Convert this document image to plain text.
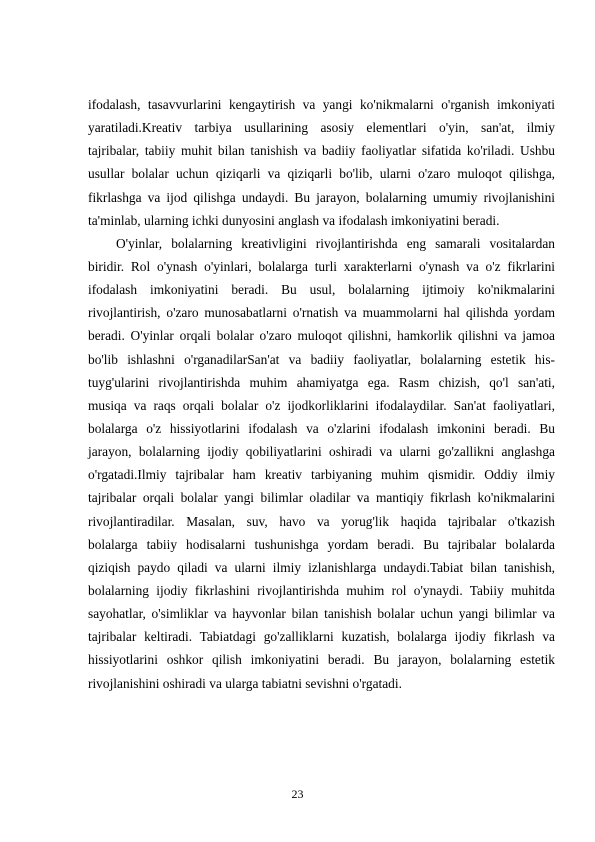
ifodalash, tasavvurlarini kengaytirish va yangi ko'nikmalarni o'rganish imkoniyati
yaratiladi.Kreativ tarbiya usullarining asosiy elementlari o'yin, san'at, ilmiy
tajribalar, tabiiy muhit bilan tanishish va badiiy faoliyatlar sifatida ko'riladi. Ushbu
usullar bolalar uchun qiziqarli va qiziqarli bo'lib, ularni o'zaro muloqot qilishga,
fikrlashga va ijod qilishga undaydi. Bu jarayon, bolalarning umumiy rivojlanishini
ta'minlab, ularning ichki dunyosini anglash va ifodalash imkoniyatini beradi.
O'yinlar, bolalarning kreativligini rivojlantirishda eng samarali vositalardan
biridir. Rol o'ynash o'yinlari, bolalarga turli xarakterlarni o'ynash va o'z fikrlarini
ifodalash imkoniyatini beradi. Bu usul, bolalarning ijtimoiy ko'nikmalarini
rivojlantirish, o'zaro munosabatlarni o'rnatish va muammolarni hal qilishda yordam
beradi. O'yinlar orqali bolalar o'zaro muloqot qilishni, hamkorlik qilishni va jamoa
bo'lib ishlashni o'rganadilarSan'at va badiiy faoliyatlar, bolalarning estetik his-
tuyg'ularini rivojlantirishda muhim ahamiyatga ega. Rasm chizish, qo'l san'ati,
musiqa va raqs orqali bolalar o'z ijodkorliklarini ifodalaydilar. San'at faoliyatlari,
bolalarga o'z hissiyotlarini ifodalash va o'zlarini ifodalash imkonini beradi. Bu
jarayon, bolalarning ijodiy qobiliyatlarini oshiradi va ularni go'zallikni anglashga
o'rgatadi.Ilmiy tajribalar ham kreativ tarbiyaning muhim qismidir. Oddiy ilmiy
tajribalar orqali bolalar yangi bilimlar oladilar va mantiqiy fikrlash ko'nikmalarini
rivojlantiradilar. Masalan, suv, havo va yorug'lik haqida tajribalar o'tkazish
bolalarga tabiiy hodisalarni tushunishga yordam beradi. Bu tajribalar bolalarda
qiziqish paydo qiladi va ularni ilmiy izlanishlarga undaydi.Tabiat bilan tanishish,
bolalarning ijodiy fikrlashini rivojlantirishda muhim rol o'ynaydi. Tabiiy muhitda
sayohatlar, o'simliklar va hayvonlar bilan tanishish bolalar uchun yangi bilimlar va
tajribalar keltiradi. Tabiatdagi go'zalliklarni kuzatish, bolalarga ijodiy fikrlash va
hissiyotlarini oshkor qilish imkoniyatini beradi. Bu jarayon, bolalarning estetik
rivojlanishini oshiradi va ularga tabiatni sevishni o'rgatadi.
23
